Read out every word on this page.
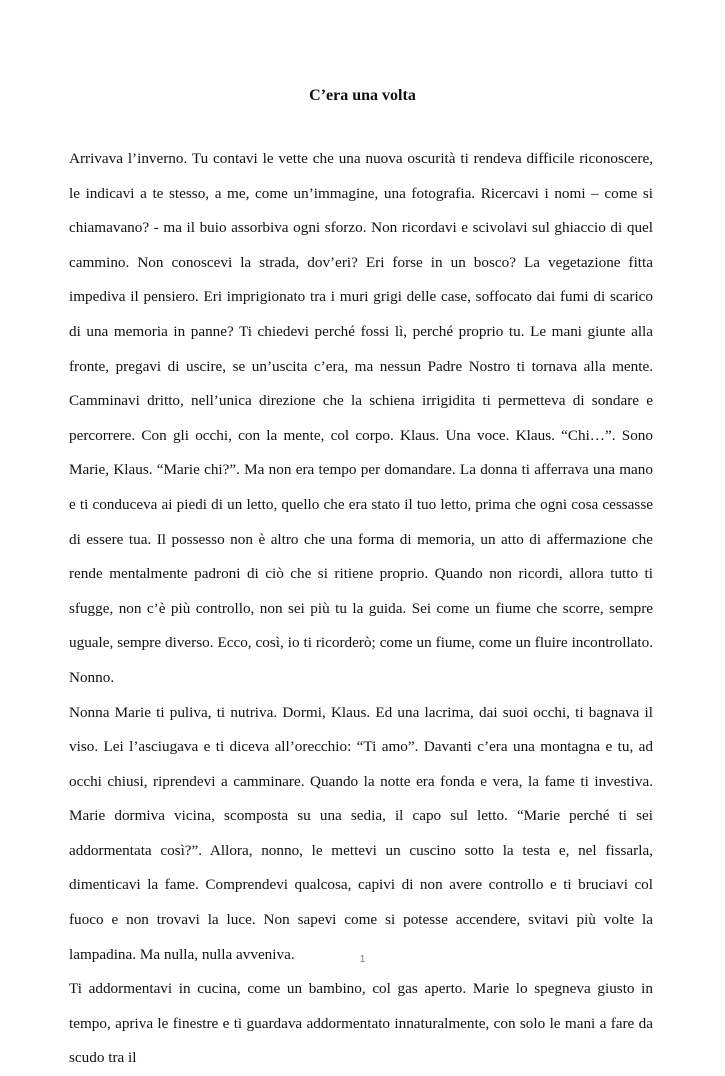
C’era una volta

Arrivava l’inverno. Tu contavi le vette che una nuova oscurità ti rendeva difficile riconoscere, le indicavi a te stesso, a me, come un’immagine, una fotografia. Ricercavi i nomi – come si chiamavano? - ma il buio assorbiva ogni sforzo. Non ricordavi e scivolavi sul ghiaccio di quel cammino. Non conoscevi la strada, dov’eri? Eri forse in un bosco? La vegetazione fitta impediva il pensiero. Eri imprigionato tra i muri grigi delle case, soffocato dai fumi di scarico di una memoria in panne? Ti chiedevi perché fossi lì, perché proprio tu. Le mani giunte alla fronte, pregavi di uscire, se un’uscita c’era, ma nessun Padre Nostro ti tornava alla mente. Camminavi dritto, nell’unica direzione che la schiena irrigidita ti permetteva di sondare e percorrere. Con gli occhi, con la mente, col corpo. Klaus. Una voce. Klaus. “Chi…”. Sono Marie, Klaus. “Marie chi?”. Ma non era tempo per domandare. La donna ti afferrava una mano e ti conduceva ai piedi di un letto, quello che era stato il tuo letto, prima che ogni cosa cessasse di essere tua. Il possesso non è altro che una forma di memoria, un atto di affermazione che rende mentalmente padroni di ciò che si ritiene proprio. Quando non ricordi, allora tutto ti sfugge, non c’è più controllo, non sei più tu la guida. Sei come un fiume che scorre, sempre uguale, sempre diverso. Ecco, così, io ti ricorderò; come un fiume, come un fluire incontrollato. Nonno.

Nonna Marie ti puliva, ti nutriva. Dormi, Klaus. Ed una lacrima, dai suoi occhi, ti bagnava il viso. Lei l’asciugava e ti diceva all’orecchio: “Ti amo”. Davanti c’era una montagna e tu, ad occhi chiusi, riprendevi a camminare. Quando la notte era fonda e vera, la fame ti investiva. Marie dormiva vicina, scomposta su una sedia, il capo sul letto. “Marie perché ti sei addormentata così?”. Allora, nonno, le mettevi un cuscino sotto la testa e, nel fissarla, dimenticavi la fame. Comprendevi qualcosa, capivi di non avere controllo e ti bruciavi col fuoco e non trovavi la luce. Non sapevi come si potesse accendere, svitavi più volte la lampadina. Ma nulla, nulla avveniva.

Ti addormentavi in cucina, come un bambino, col gas aperto. Marie lo spegneva giusto in tempo, apriva le finestre e ti guardava addormentato innaturalmente, con solo le mani a fare da scudo tra il

1
